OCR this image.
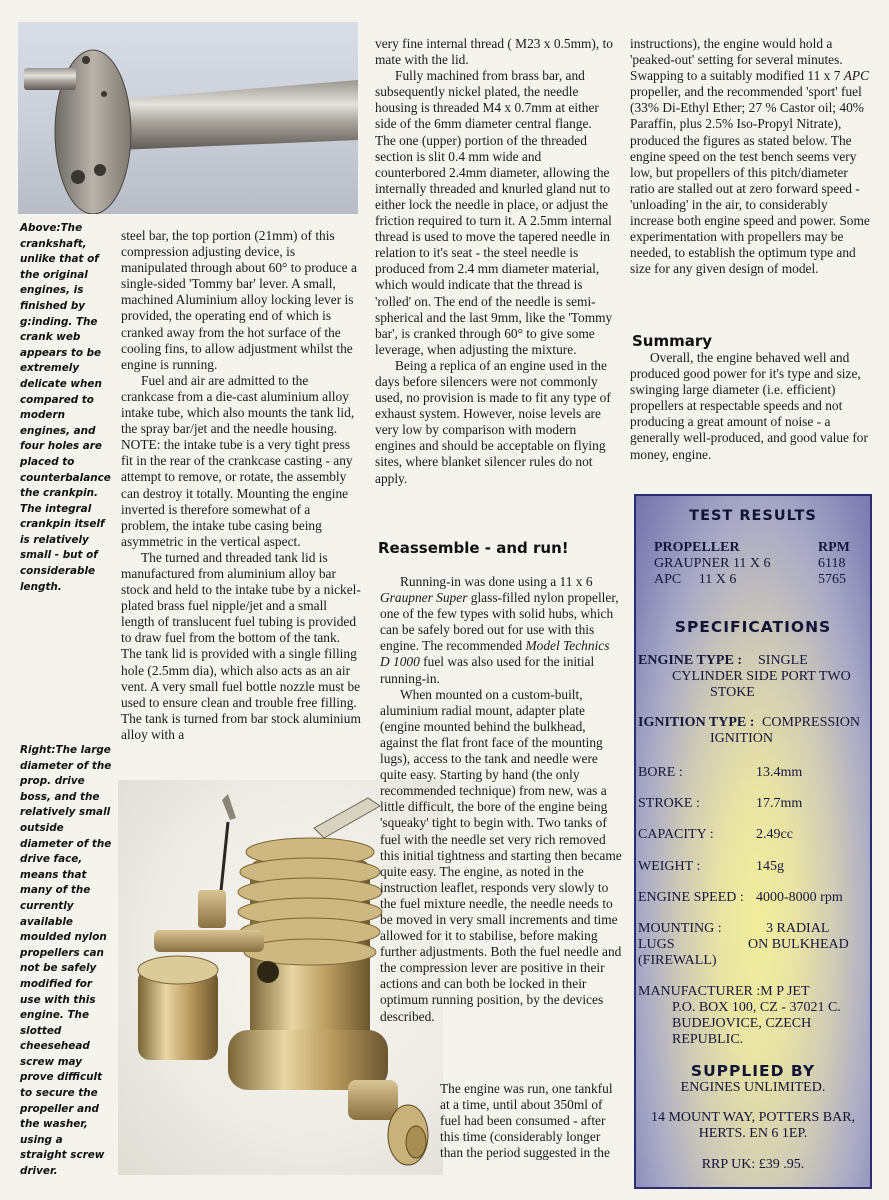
Above:The crankshaft, unlike that of the original engines, is finished by g:inding. The crank web appears to be extremely delicate when compared to modern engines, and four holes are placed to counterbalance the crankpin. The integral crankpin itself is relatively small - but of considerable length.
Right:The large diameter of the prop. drive boss, and the relatively small outside diameter of the drive face, means that many of the currently available moulded nylon propellers can not be safely modified for use with this engine. The slotted cheesehead screw may prove difficult to secure the propeller and the washer, using a straight screw driver.

steel bar, the top portion (21mm) of this compression adjusting device, is manipulated through about 60° to produce a single-sided 'Tommy bar' lever. A small, machined Aluminium alloy locking lever is provided, the operating end of which is cranked away from the hot surface of the cooling fins, to allow adjustment whilst the engine is running.

Fuel and air are admitted to the crankcase from a die-cast aluminium alloy intake tube, which also mounts the tank lid, the spray bar/jet and the needle housing. NOTE: the intake tube is a very tight press fit in the rear of the crankcase casting - any attempt to remove, or rotate, the assembly can destroy it totally. Mounting the engine inverted is therefore somewhat of a problem, the intake tube casing being asymmetric in the vertical aspect.

The turned and threaded tank lid is manufactured from aluminium alloy bar stock and held to the intake tube by a nickel-plated brass fuel nipple/jet and a small length of translucent fuel tubing is provided to draw fuel from the bottom of the tank. The tank lid is provided with a single filling hole (2.5mm dia), which also acts as an air vent. A very small fuel bottle nozzle must be used to ensure clean and trouble free filling. The tank is turned from bar stock aluminium alloy with a

very fine internal thread ( M23 x 0.5mm), to mate with the lid.

Fully machined from brass bar, and subsequently nickel plated, the needle housing is threaded M4 x 0.7mm at either side of the 6mm diameter central flange. The one (upper) portion of the threaded section is slit 0.4 mm wide and counterbored 2.4mm diameter, allowing the internally threaded and knurled gland nut to either lock the needle in place, or adjust the friction required to turn it. A 2.5mm internal thread is used to move the tapered needle in relation to it's seat - the steel needle is produced from 2.4 mm diameter material, which would indicate that the thread is 'rolled' on. The end of the needle is semi-spherical and the last 9mm, like the 'Tommy bar', is cranked through 60° to give some leverage, when adjusting the mixture.

Being a replica of an engine used in the days before silencers were not commonly used, no provision is made to fit any type of exhaust system. However, noise levels are very low by comparison with modern engines and should be acceptable on flying sites, where blanket silencer rules do not apply.

Reassemble - and run!

Running-in was done using a 11 x 6 Graupner Super glass-filled nylon propeller, one of the few types with solid hubs, which can be safely bored out for use with this engine. The recommended Model Technics D 1000 fuel was also used for the initial running-in.

When mounted on a custom-built, aluminium radial mount, adapter plate (engine mounted behind the bulkhead, against the flat front face of the mounting lugs), access to the tank and needle were quite easy. Starting by hand (the only recommended technique) from new, was a little difficult, the bore of the engine being 'squeaky' tight to begin with. Two tanks of fuel with the needle set very rich removed this initial tightness and starting then became quite easy. The engine, as noted in the instruction leaflet, responds very slowly to the fuel mixture needle, the needle needs to be moved in very small increments and time allowed for it to stabilise, before making further adjustments. Both the fuel needle and the compression lever are positive in their actions and can both be locked in their optimum running position, by the devices described.

The engine was run, one tankful at a time, until about 350ml of fuel had been consumed - after this time (considerably longer than the period suggested in the

instructions), the engine would hold a 'peaked-out' setting for several minutes. Swapping to a suitably modified 11 x 7 APC propeller, and the recommended 'sport' fuel (33% Di-Ethyl Ether; 27 % Castor oil; 40% Paraffin, plus 2.5% Iso-Propyl Nitrate), produced the figures as stated below. The engine speed on the test bench seems very low, but propellers of this pitch/diameter ratio are stalled out at zero forward speed - 'unloading' in the air, to considerably increase both engine speed and power. Some experimentation with propellers may be needed, to establish the optimum type and size for any given design of model.

Summary

Overall, the engine behaved well and produced good power for it's type and size, swinging large diameter (i.e. efficient) propellers at respectable speeds and not producing a great amount of noise - a generally well-produced, and good value for money, engine.

TEST RESULTS
PROPELLER	RPM
GRAUPNER 11 X 6	6118
APC     11 X 6	5765
SPECIFICATIONS
ENGINE TYPE : SINGLE
CYLINDER SIDE PORT TWO
STOKE
IGNITION TYPE : COMPRESSION
IGNITION
BORE :	13.4mm
STROKE :	17.7mm
CAPACITY :	2.49cc
WEIGHT :	145g
ENGINE SPEED : 4000-8000 rpm
MOUNTING :	3 RADIAL
LUGS	ON BULKHEAD
(FIREWALL)
MANUFACTURER :M P JET
P.O. BOX 100, CZ - 37021 C.
BUDEJOVICE, CZECH
REPUBLIC.
SUPPLIED BY
ENGINES UNLIMITED.
14 MOUNT WAY, POTTERS BAR,
HERTS. EN 6 1EP.
RRP UK: £39 .95.
